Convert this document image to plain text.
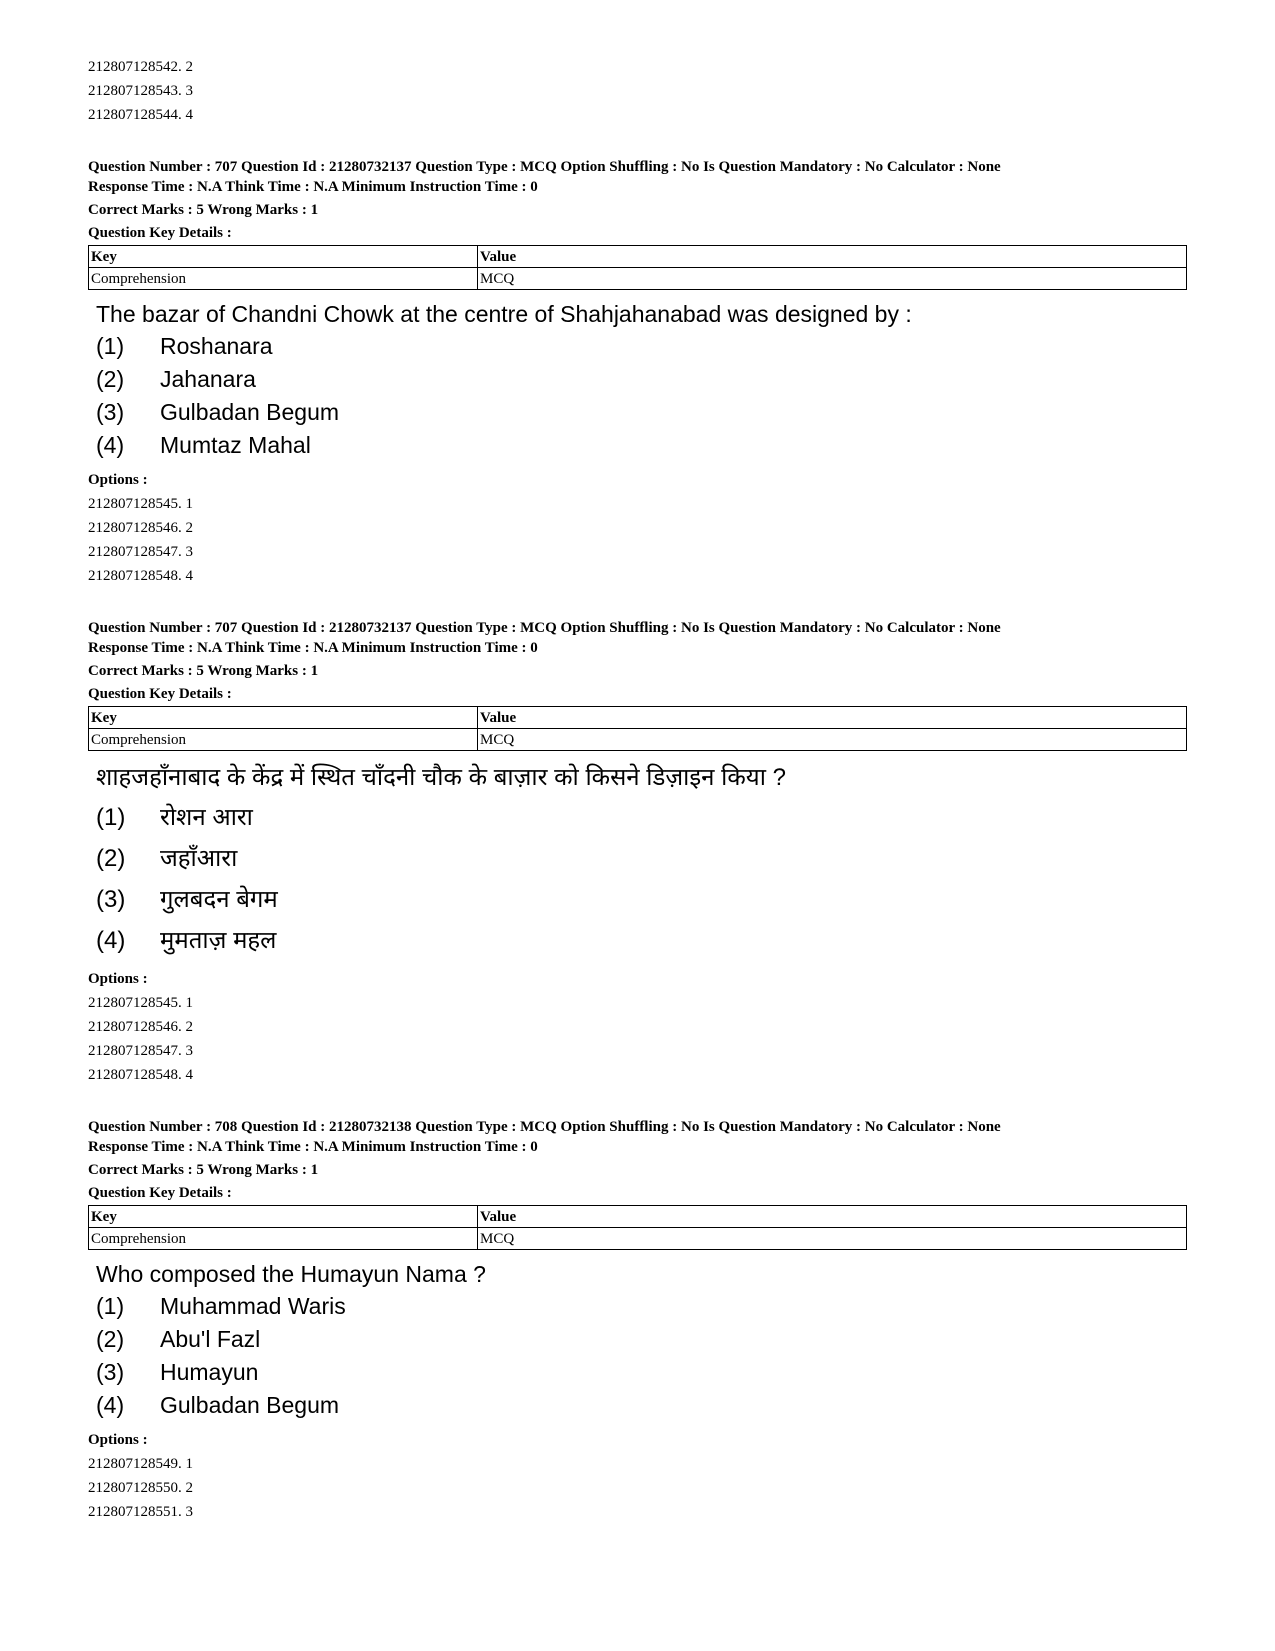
212807128542. 2
212807128543. 3
212807128544. 4
Question Number : 707 Question Id : 21280732137 Question Type : MCQ Option Shuffling : No Is Question Mandatory : No Calculator : None
Response Time : N.A Think Time : N.A Minimum Instruction Time : 0
Correct Marks : 5 Wrong Marks : 1
Question Key Details :
Key	Value
Comprehension	MCQ
The bazar of Chandni Chowk at the centre of Shahjahanabad was designed by :
(1)	Roshanara
(2)	Jahanara
(3)	Gulbadan Begum
(4)	Mumtaz Mahal
Options :
212807128545. 1
212807128546. 2
212807128547. 3
212807128548. 4
Question Number : 707 Question Id : 21280732137 Question Type : MCQ Option Shuffling : No Is Question Mandatory : No Calculator : None
Response Time : N.A Think Time : N.A Minimum Instruction Time : 0
Correct Marks : 5 Wrong Marks : 1
Question Key Details :
Key	Value
Comprehension	MCQ
शाहजहाँनाबाद के केंद्र में स्थित चाँदनी चौक के बाज़ार को किसने डिज़ाइन किया ?
(1)	रोशन आरा
(2)	जहाँआरा
(3)	गुलबदन बेगम
(4)	मुमताज़ महल
Options :
212807128545. 1
212807128546. 2
212807128547. 3
212807128548. 4
Question Number : 708 Question Id : 21280732138 Question Type : MCQ Option Shuffling : No Is Question Mandatory : No Calculator : None
Response Time : N.A Think Time : N.A Minimum Instruction Time : 0
Correct Marks : 5 Wrong Marks : 1
Question Key Details :
Key	Value
Comprehension	MCQ
Who composed the Humayun Nama ?
(1)	Muhammad Waris
(2)	Abu'l Fazl
(3)	Humayun
(4)	Gulbadan Begum
Options :
212807128549. 1
212807128550. 2
212807128551. 3
